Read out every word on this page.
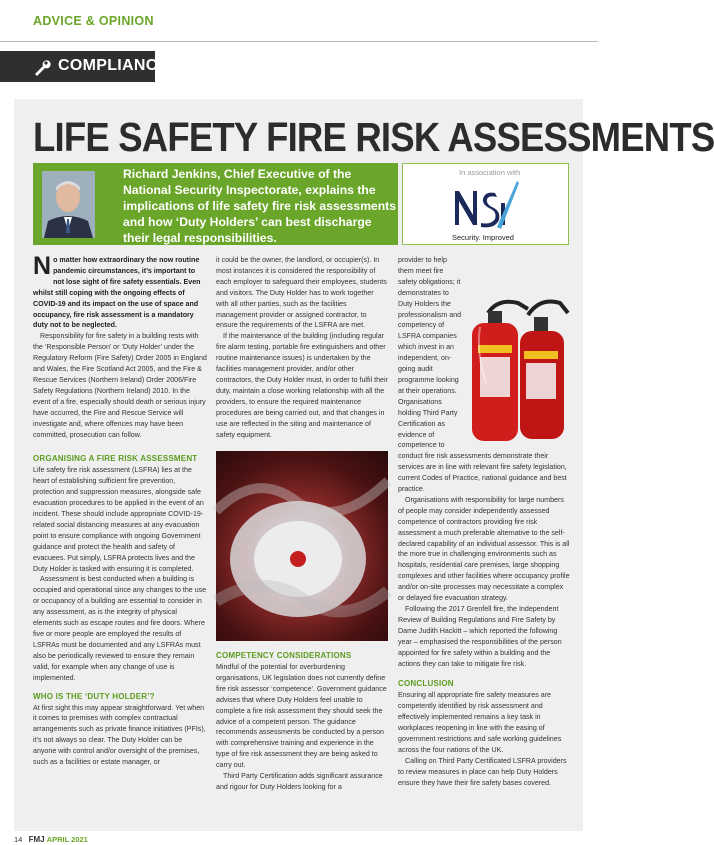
ADVICE & OPINION
COMPLIANCE
LIFE SAFETY FIRE RISK ASSESSMENTS
Richard Jenkins, Chief Executive of the National Security Inspectorate, explains the implications of life safety fire risk assessments and how ‘Duty Holders’ can best discharge their legal responsibilities.
In association with
Security. Improved

No matter how extraordinary the now routine pandemic circumstances, it’s important to not lose sight of fire safety essentials. Even whilst still coping with the ongoing effects of COVID-19 and its impact on the use of space and occupancy, fire risk assessment is a mandatory duty not to be neglected.

Responsibility for fire safety in a building rests with the ‘Responsible Person’ or ‘Duty Holder’ under the Regulatory Reform (Fire Safety) Order 2005 in England and Wales, the Fire Scotland Act 2005, and the Fire & Rescue Services (Northern Ireland) Order 2006/Fire Safety Regulations (Northern Ireland) 2010. In the event of a fire, especially should death or serious injury have occurred, the Fire and Rescue Service will investigate and, where offences may have been committed, prosecution can follow.

ORGANISING A FIRE RISK ASSESSMENT

Life safety fire risk assessment (LSFRA) lies at the heart of establishing sufficient fire prevention, protection and suppression measures, alongside safe evacuation procedures to be applied in the event of an incident. These should include appropriate COVID-19-related social distancing measures at any evacuation point to ensure compliance with ongoing Government guidance and protect the health and safety of evacuees. Put simply, LSFRA protects lives and the Duty Holder is tasked with ensuring it is completed.

Assessment is best conducted when a building is occupied and operational since any changes to the use or occupancy of a building are essential to consider in any assessment, as is the integrity of physical elements such as escape routes and fire doors. Where five or more people are employed the results of LSFRAs must be documented and any LSFRAs must also be periodically reviewed to ensure they remain valid, for example when any change of use is implemented.

WHO IS THE ‘DUTY HOLDER’?

At first sight this may appear straightforward. Yet when it comes to premises with complex contractual arrangements such as private finance initiatives (PFIs), it’s not always so clear. The Duty Holder can be anyone with control and/or oversight of the premises, such as a facilities or estate manager, or

it could be the owner, the landlord, or occupier(s). In most instances it is considered the responsibility of each employer to safeguard their employees, students and visitors. The Duty Holder has to work together with all other parties, such as the facilities management provider or assigned contractor, to ensure the requirements of the LSFRA are met.

If the maintenance of the building (including regular fire alarm testing, portable fire extinguishers and other routine maintenance issues) is undertaken by the facilities management provider, and/or other contractors, the Duty Holder must, in order to fulfil their duty, maintain a close working relationship with all the providers, to ensure the required maintenance procedures are being carried out, and that changes in use are reflected in the siting and maintenance of safety equipment.

COMPETENCY CONSIDERATIONS

Mindful of the potential for overburdening organisations, UK legislation does not currently define fire risk assessor ‘competence’. Government guidance advises that where Duty Holders feel unable to complete a fire risk assessment they should seek the advice of a competent person. The guidance recommends assessments be conducted by a person with comprehensive training and experience in the type of fire risk assessment they are being asked to carry out.

Third Party Certification adds significant assurance and rigour for Duty Holders looking for a

provider to help them meet fire safety obligations; it demonstrates to Duty Holders the professionalism and competency of LSFRA companies which invest in an independent, on-going audit programme looking at their operations. Organisations holding Third Party Certification as evidence of competence to conduct fire risk assessments demonstrate their services are in line with relevant fire safety legislation, current Codes of Practice, national guidance and best practice.

Organisations with responsibility for large numbers of people may consider independently assessed competence of contractors providing fire risk assessment a much preferable alternative to the self-declared capability of an individual assessor. This is all the more true in challenging environments such as hospitals, residential care premises, large shopping complexes and other facilities where occupancy profile and/or on-site processes may necessitate a complex or delayed fire evacuation strategy.

Following the 2017 Grenfell fire, the Independent Review of Building Regulations and Fire Safety by Dame Judith Hackitt – which reported the following year – emphasised the responsibilities of the person appointed for fire safety within a building and the actions they can take to mitigate fire risk.

CONCLUSION

Ensuring all appropriate fire safety measures are competently identified by risk assessment and effectively implemented remains a key task in workplaces reopening in line with the easing of government restrictions and safe working guidelines across the four nations of the UK.

Calling on Third Party Certificated LSFRA providers to review measures in place can help Duty Holders ensure they have their fire safety bases covered.

14 FMJ APRIL 2021
